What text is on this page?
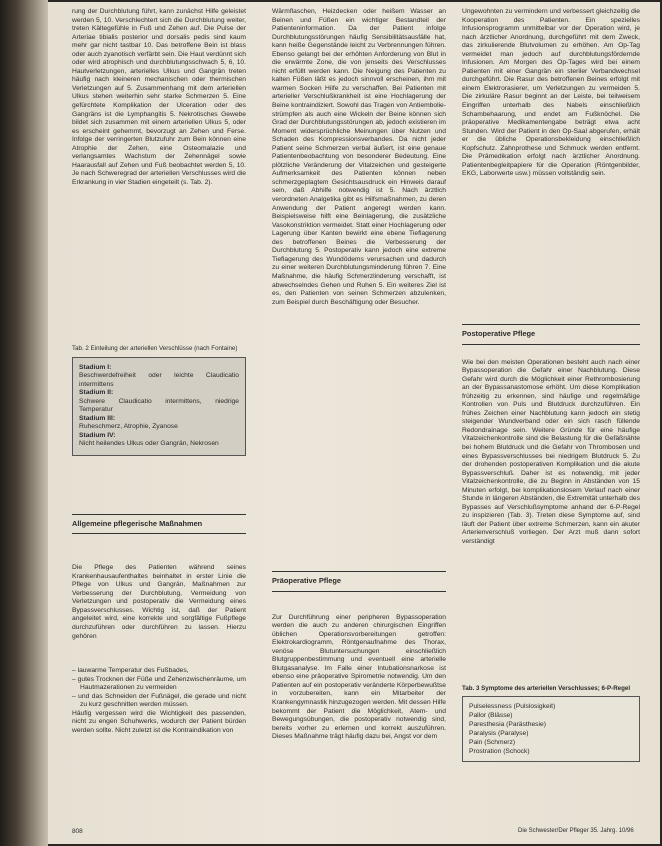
rung der Durchblutung führt, kann zunächst Hilfe geleistet werden 5, 10. Verschlechtert sich die Durchblutung weiter, treten Kältegefühle in Fuß und Zehen auf. Die Pulse der Arteriae tibialis posterior und dorsalis pedis sind kaum mehr gar nicht tastbar 10. Das betroffene Bein ist blass oder auch zyanotisch verfärbt sein. Die Haut verdünnt sich oder wird atrophisch und durchblutungsschwach 5, 6, 10. Hautverletzungen, arterielles Ulkus und Gangrän treten häufig nach kleineren mechanischen oder thermischen Verletzungen auf 5. Zusammenhang mit dem arteriellen Ulkus stehen weiterhin sehr starke Schmerzen 5. Eine gefürchtete Komplikation der Ulceration oder des Gangräns ist die Lymphangitis 5. Nekrotisches Gewebe bildet sich zusammen mit einem arteriellen Ulkus 5, oder es erscheint gehemmt, bevorzugt an Zehen und Ferse. Infolge der verringerten Blutzufuhr zum Bein können eine Atrophie der Zehen, eine Osteomalazie und verlangsamtes Wachstum der Zehennägel sowie Haarausfall auf Zehen und Fuß beobachtet werden 5, 10. Je nach Schweregrad der arteriellen Verschlusses wird die Erkrankung in vier Stadien eingeteilt (s. Tab. 2).

Tab. 2 Einteilung der arteriellen Verschlüsse (nach Fontaine)
Stadium I:
Beschwerdefreiheit oder leichte Claudicatio intermittens
Stadium II:
Schwere Claudicatio intermittens, niedrige Temperatur
Stadium III:
Ruheschmerz, Atrophie, Zyanose
Stadium IV:
Nicht heilendes Ulkus oder Gangrän, Nekrosen
Allgemeine pflegerische Maßnahmen

Die Pflege des Patienten während seines Krankenhausaufenthaltes beinhaltet in erster Linie die Pflege von Ulkus und Gangrän, Maßnahmen zur Verbesserung der Durchblutung, Vermeidung von Verletzungen und postoperativ die Vermeidung eines Bypassverschlusses. Wichtig ist, daß der Patient angeleitet wird, eine korrekte und sorgfältige Fußpflege durchzuführen oder durchführen zu lassen. Hierzu gehören

– lauwarme Temperatur des Fußbades,
– gutes Trocknen der Füße und Zehenzwischenräume, um Hautmazerationen zu vermeiden
– und das Schneiden der Fußnägel, die gerade und nicht zu kurz geschnitten werden müssen.

Häufig vergessen wird die Wichtigkeit des passenden, nicht zu engen Schuhwerks, wodurch der Patient bürden werden sollte. Nicht zuletzt ist die Kontraindikation von

Wärmflaschen, Heizdecken oder heißem Wasser an Beinen und Füßen ein wichtiger Bestandteil der Patienteninformation. Da der Patient infolge Durchblutungsstörungen häufig Sensibilitätsausfälle hat, kann heiße Gegenstände leicht zu Verbrennungen führen. Ebenso gelangt bei der erhöhten Anforderung von Blut in die erwärmte Zone, die von jenseits des Verschlusses nicht erfüllt werden kann. Die Neigung des Patienten zu kalten Füßen läßt es jedoch sinnvoll erscheinen, ihm mit warmen Socken Hilfe zu verschaffen. Bei Patienten mit arterieller Verschlußkrankheit ist eine Hochlagerung der Beine kontraindiziert. Sowohl das Tragen von Antiembolie-strümpfen als auch eine Wickeln der Beine können sich Grad der Durchblutungsstörungen ab, jedoch existieren im Moment widersprüchliche Meinungen über Nutzen und Schaden des Kompressionsverbandes. Da nicht jeder Patient seine Schmerzen verbal äußert, ist eine genaue Patientenbeobachtung von besonderer Bedeutung. Eine plötzliche Veränderung der Vitalzeichen und gesteigerte Aufmerksamkeit des Patienten können neben schmerzgeplagtem Gesichtsausdruck ein Hinweis darauf sein, daß Abhilfe notwendig ist 5. Nach ärztlich verordneten Analgetika gibt es Hilfsmaßnahmen, zu deren Anwendung der Patient angeregt werden kann. Beispielsweise hilft eine Beinlagerung, die zusätzliche Vasokonstriktion vermeidet. Statt einer Hochlagerung oder Lagerung über Kanten bewirkt eine ebene Tieflagerung des betroffenen Beines die Verbesserung der Durchblutung 5. Postoperativ kann jedoch eine extreme Tieflagerung des Wundödems verursachen und dadurch zu einer weiteren Durchblutungsminderung führen 7. Eine Maßnahme, die häufig Schmerzlinderung verschafft, ist abwechselndes Gehen und Ruhen 5. Ein weiteres Ziel ist es, den Patienten von seinen Schmerzen abzulenken, zum Beispiel durch Beschäftigung oder Besucher.

Präoperative Pflege

Zur Durchführung einer peripheren Bypassoperation werden die auch zu anderen chirurgischen Eingriffen üblichen Operationsvorbereitungen getroffen: Elektrokardiogramm, Röntgenaufnahme des Thorax, venöse Blutuntersuchungen einschließlich Blutgruppenbestimmung und eventuell eine arterielle Blutgasanalyse. Im Falle einer Intubationsnarkose ist ebenso eine präoperative Spirometrie notwendig. Um den Patienten auf ein postoperativ veränderte Körperbewußtse in vorzubereiten, kann ein Mitarbeiter der Krankengymnastik hinzugezogen werden. Mit dessen Hilfe bekommt der Patient die Möglichkeit, Atem- und Bewegungsübungen, die postoperativ notwendig sind, bereits vorher zu erlernen und korrekt auszuführen. Dieses Maßnahme trägt häufig dazu bei, Angst vor dem

Ungewohnten zu vermindern und verbessert gleichzeitig die Kooperation des Patienten. Ein spezielles Infusionsprogramm unmittelbar vor der Operation wird, je nach ärztlicher Anordnung, durchgeführt mit dem Zweck, das zirkulierende Blutvolumen zu erhöhen. Am Op-Tag vermeidet man jedoch auf durchblutungsfördernde Infusionen. Am Morgen des Op-Tages wird bei einem Patienten mit einer Gangrän ein steriler Verbandwechsel durchgeführt. Die Rasur des betroffenen Beines erfolgt mit einem Elektrorasierer, um Verletzungen zu vermeiden 5. Die zirkuläre Rasur beginnt an der Leiste, bei teilweisem Eingriffen unterhalb des Nabels einschließlich Schambehaarung, und endet am Fußknöchel. Die präoperative Medikamentengabe beträgt etwa acht Stunden. Wird der Patient in den Op-Saal abgerufen, erhält er die übliche Operationsbekleidung einschließlich Kopfschutz. Zahnprothese und Schmuck werden entfernt. Die Prämedikation erfolgt nach ärztlicher Anordnung. Patientenbegleitpapiere für die Operation (Röntgenbilder, EKG, Laborwerte usw.) müssen vollständig sein.

Postoperative Pflege

Wie bei den meisten Operationen besteht auch nach einer Bypassoperation die Gefahr einer Nachblutung. Diese Gefahr wird durch die Möglichkeit einer Rethrombosierung an der Bypassanastomose erhöht. Um diese Komplikation frühzeitig zu erkennen, sind häufige und regelmäßige Kontrollen von Puls und Blutdruck durchzuführen. Ein frühes Zeichen einer Nachblutung kann jedoch ein stetig steigender Wundverband oder ein sich rasch füllende Redondrainage sein. Weitere Gründe für eine häufige Vitalzeichenkontrolle sind die Belastung für die Gefäßnähte bei hohem Blutdruck und die Gefahr von Thrombosen und eines Bypassverschlusses bei niedrigem Blutdruck 5. Zu der drohenden postoperativen Komplikation und die akute Bypassverschluß. Daher ist es notwendig, mit jeder Vitalzeichenkontrolle, die zu Beginn in Abständen von 15 Minuten erfolgt, bei komplikationslosem Verlauf nach einer Stunde in längeren Abständen, die Extremität unterhalb des Bypasses auf Verschlußsymptome anhand der 6-P-Regel zu inspizieren (Tab. 3). Treten diese Symptome auf, sind läuft der Patient über extreme Schmerzen, kann ein akuter Arterienverschluß vorliegen. Der Arzt muß dann sofort verständigt

Tab. 3 Symptome des arteriellen Verschlusses; 6-P-Regel
Pulselessness (Pulslosigkeit)
Pallor (Blässe)
Paresthesia (Parästhesie)
Paralysis (Paralyse)
Pain (Schmerz)
Prostration (Schock)
808	Die Schwester/Der Pfleger 35. Jahrg. 10/96
